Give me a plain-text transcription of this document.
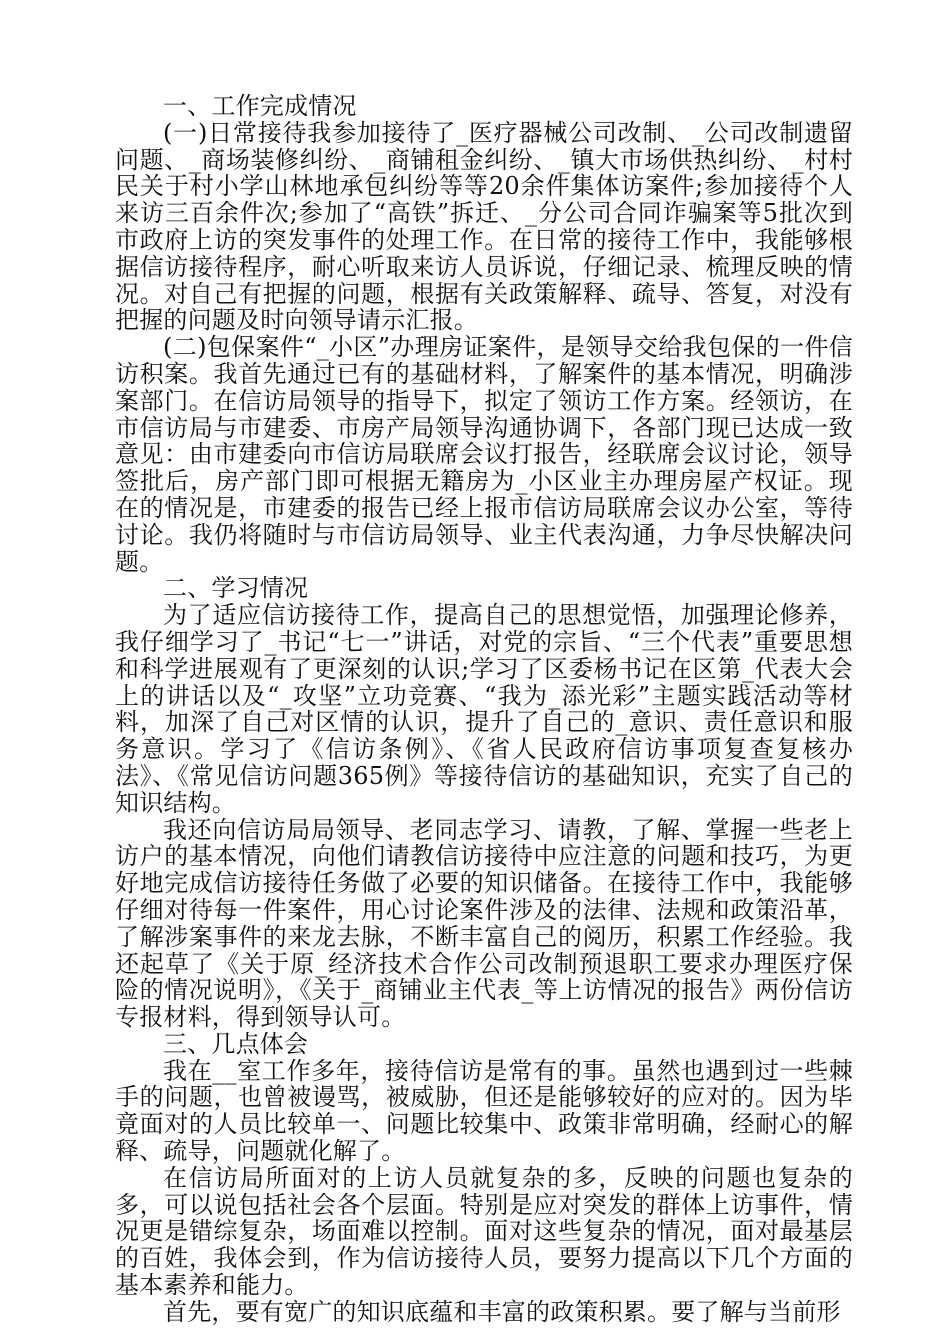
一、工作完成情况

(一)日常接待我参加接待了_医疗器械公司改制、_公司改制遗留问题、_商场装修纠纷、_商铺租金纠纷、_镇大市场供热纠纷、_村村民关于村小学山林地承包纠纷等等20余件集体访案件;参加接待个人来访三百余件次;参加了“高铁”拆迁、_分公司合同诈骗案等5批次到市政府上访的突发事件的处理工作。在日常的接待工作中，我能够根据信访接待程序，耐心听取来访人员诉说，仔细记录、梳理反映的情况。对自己有把握的问题，根据有关政策解释、疏导、答复，对没有把握的问题及时向领导请示汇报。

(二)包保案件“_小区”办理房证案件，是领导交给我包保的一件信访积案。我首先通过已有的基础材料，了解案件的基本情况，明确涉案部门。在信访局领导的指导下，拟定了领访工作方案。经领访，在市信访局与市建委、市房产局领导沟通协调下，各部门现已达成一致意见：由市建委向市信访局联席会议打报告，经联席会议讨论，领导签批后，房产部门即可根据无籍房为_小区业主办理房屋产权证。现在的情况是，市建委的报告已经上报市信访局联席会议办公室，等待讨论。我仍将随时与市信访局领导、业主代表沟通，力争尽快解决问题。

二、学习情况

为了适应信访接待工作，提高自己的思想觉悟，加强理论修养，我仔细学习了_书记“七一”讲话，对党的宗旨、“三个代表”重要思想和科学进展观有了更深刻的认识;学习了区委杨书记在区第_代表大会上的讲话以及“_攻坚”立功竞赛、“我为_添光彩”主题实践活动等材料，加深了自己对区情的认识，提升了自己的_意识、责任意识和服务意识。学习了《信访条例》、《省人民政府信访事项复查复核办法》、《常见信访问题365例》等接待信访的基础知识，充实了自己的知识结构。

我还向信访局局领导、老同志学习、请教，了解、掌握一些老上访户的基本情况，向他们请教信访接待中应注意的问题和技巧，为更好地完成信访接待任务做了必要的知识储备。在接待工作中，我能够仔细对待每一件案件，用心讨论案件涉及的法律、法规和政策沿革，了解涉案事件的来龙去脉，不断丰富自己的阅历，积累工作经验。我还起草了《关于原_经济技术合作公司改制预退职工要求办理医疗保险的情况说明》，《关于_商铺业主代表_等上访情况的报告》两份信访专报材料，得到领导认可。

三、几点体会

我在__室工作多年，接待信访是常有的事。虽然也遇到过一些棘手的问题，也曾被谩骂，被威胁，但还是能够较好的应对的。因为毕竟面对的人员比较单一、问题比较集中、政策非常明确，经耐心的解释、疏导，问题就化解了。

在信访局所面对的上访人员就复杂的多，反映的问题也复杂的多，可以说包括社会各个层面。特别是应对突发的群体上访事件，情况更是错综复杂，场面难以控制。面对这些复杂的情况，面对最基层的百姓，我体会到，作为信访接待人员，要努力提高以下几个方面的基本素养和能力。

首先，要有宽广的知识底蕴和丰富的政策积累。要了解与当前形
